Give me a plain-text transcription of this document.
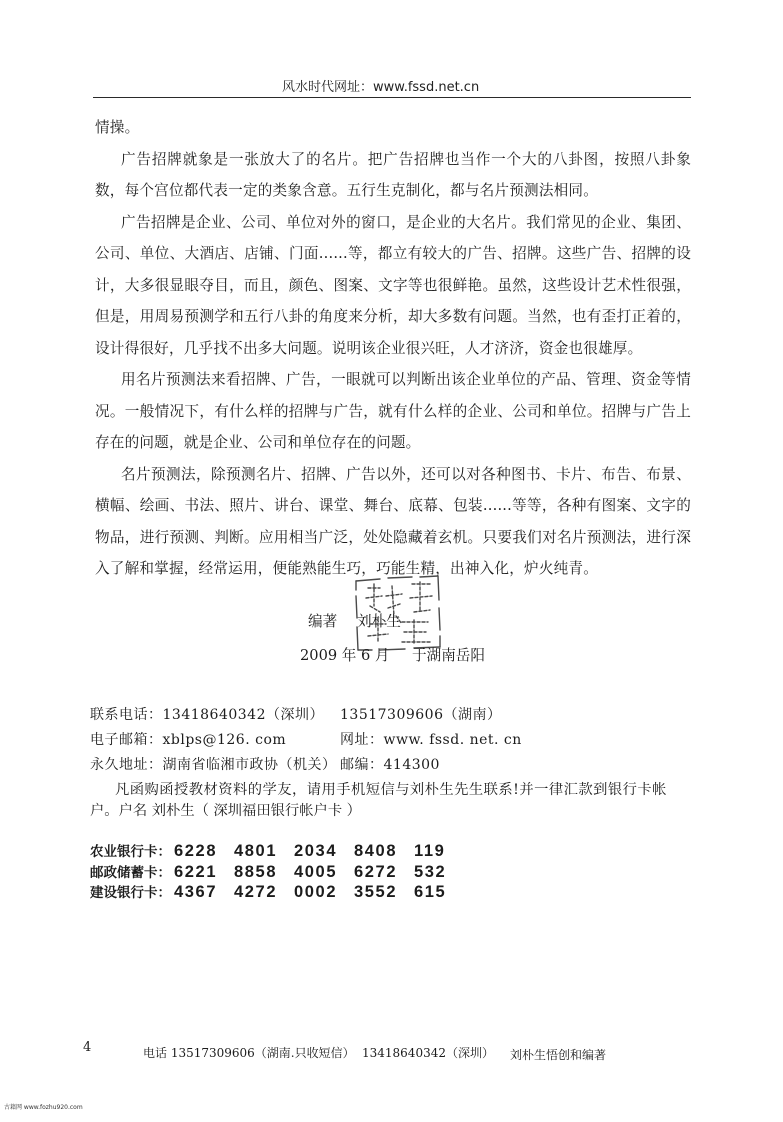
风水时代网址：www.fssd.net.cn
情操。
广告招牌就象是一张放大了的名片。把广告招牌也当作一个大的八卦图，按照八卦象
数，每个宫位都代表一定的类象含意。五行生克制化，都与名片预测法相同。
广告招牌是企业、公司、单位对外的窗口，是企业的大名片。我们常见的企业、集团、
公司、单位、大酒店、店铺、门面......等，都立有较大的广告、招牌。这些广告、招牌的设
计，大多很显眼夺目，而且，颜色、图案、文字等也很鲜艳。虽然，这些设计艺术性很强，
但是，用周易预测学和五行八卦的角度来分析，却大多数有问题。当然，也有歪打正着的，
设计得很好，几乎找不出多大问题。说明该企业很兴旺，人才济济，资金也很雄厚。
用名片预测法来看招牌、广告，一眼就可以判断出该企业单位的产品、管理、资金等情
况。一般情况下，有什么样的招牌与广告，就有什么样的企业、公司和单位。招牌与广告上
存在的问题，就是企业、公司和单位存在的问题。
名片预测法，除预测名片、招牌、广告以外，还可以对各种图书、卡片、布告、布景、
横幅、绘画、书法、照片、讲台、课堂、舞台、底幕、包装......等等，各种有图案、文字的
物品，进行预测、判断。应用相当广泛，处处隐藏着玄机。只要我们对名片预测法，进行深
入了解和掌握，经常运用，便能熟能生巧，巧能生精，出神入化，炉火纯青。
编著 刘朴生
2009 年 6 月 于湖南岳阳
联系电话：13418640342（深圳） 13517309606（湖南）
电子邮箱：xblps@126. com	网址：www. fssd. net. cn
永久地址：湖南省临湘市政协（机关） 邮编：414300
凡函购函授教材资料的学友，请用手机短信与刘朴生先生联系!并一律汇款到银行卡帐
户。户名 刘朴生（ 深圳福田银行帐户卡 ）
农业银行卡： 6228 4801 2034 8408 119
邮政储蓄卡： 6221 8858 4005 6272 532
建设银行卡： 4367 4272 0002 3552 615
4	电话 13517309606（湖南.只收短信） 13418640342（深圳） 刘朴生悟创和编著
古籍网 www.fozhu920.com
